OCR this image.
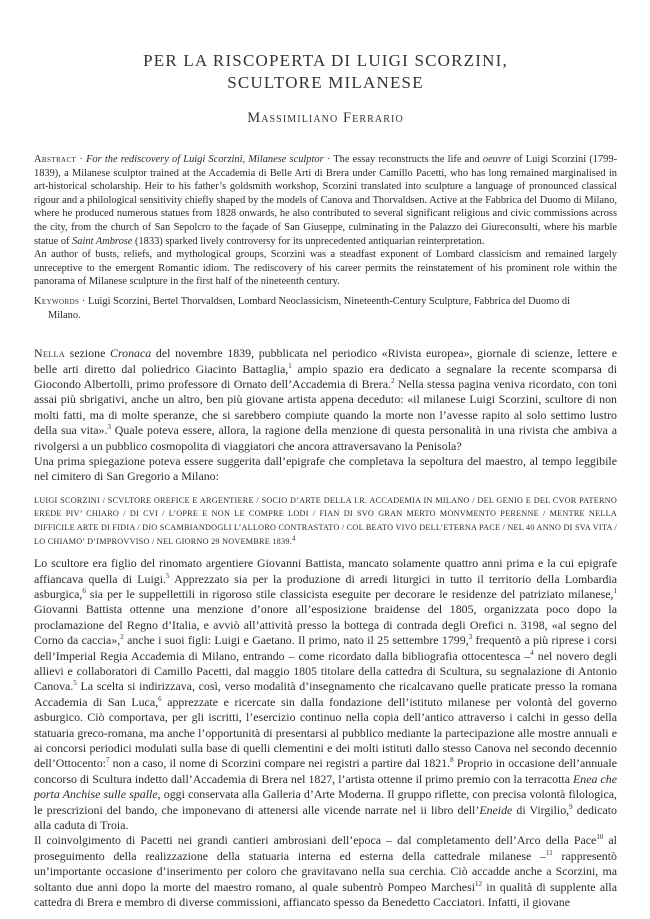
PER LA RISCOPERTA DI LUIGI SCORZINI,
SCULTORE MILANESE
Massimiliano Ferrario

Abstract · For the rediscovery of Luigi Scorzini, Milanese sculptor · The essay reconstructs the life and oeuvre of Luigi Scorzini (1799-1839), a Milanese sculptor trained at the Accademia di Belle Arti di Brera under Camillo Pacetti, who has long remained marginalised in art-historical scholarship. Heir to his father’s goldsmith workshop, Scorzini translated into sculpture a language of pronounced classical rigour and a philological sensitivity chiefly shaped by the models of Canova and Thorvaldsen. Active at the Fabbrica del Duomo di Milano, where he produced numerous statues from 1828 onwards, he also contributed to several significant religious and civic commissions across the city, from the church of San Sepolcro to the façade of San Giuseppe, culminating in the Palazzo dei Giureconsulti, where his marble statue of Saint Ambrose (1833) sparked lively controversy for its unprecedented antiquarian reinterpretation.

An author of busts, reliefs, and mythological groups, Scorzini was a steadfast exponent of Lombard classicism and remained largely unreceptive to the emergent Romantic idiom. The rediscovery of his career permits the reinstatement of his prominent role within the panorama of Milanese sculpture in the first half of the nineteenth century.

Keywords · Luigi Scorzini, Bertel Thorvaldsen, Lombard Neoclassicism, Nineteenth-Century Sculpture, Fabbrica del Duomo di
Milano.

Nella sezione Cronaca del novembre 1839, pubblicata nel periodico «Rivista europea», giornale di scienze, lettere e belle arti diretto dal poliedrico Giacinto Battaglia,$^1$ ampio spazio era dedicato a segnalare la recente scomparsa di Giocondo Albertolli, primo professore di Ornato dell’Accademia di Brera.$^2$ Nella stessa pagina veniva ricordato, con toni assai più sbrigativi, anche un altro, ben più giovane artista appena deceduto: «il milanese Luigi Scorzini, scultore di non molti fatti, ma di molte speranze, che si sarebbero compiute quando la morte non l’avesse rapito al solo settimo lustro della sua vita».$^3$ Quale poteva essere, allora, la ragione della menzione di questa personalità in una rivista che ambiva a rivolgersi a un pubblico cosmopolita di viaggiatori che ancora attraversavano la Penisola?

Una prima spiegazione poteva essere suggerita dall’epigrafe che completava la sepoltura del maestro, al tempo leggibile nel cimitero di San Gregorio a Milano:

LUIGI SCORZINI / SCVLTORE OREFICE E ARGENTIERE / SOCIO D’ARTE DELLA I.R. ACCADEMIA IN MILANO / DEL GENIO E DEL CVOR PATERNO EREDE PIV’ CHIARO / DI CVI / L’OPRE E NON LE COMPRE LODI / FIAN DI SVO GRAN MERTO MONVMENTO PERENNE / MENTRE NELLA DIFFICILE ARTE DI FIDIA / DIO SCAMBIANDOGLI L’ALLORO CONTRASTATO / COL BEATO VIVO DELL’ETERNA PACE / NEL 40 ANNO DI SVA VITA / LO CHIAMO’ D’IMPROVVISO / NEL GIORNO 29 NOVEMBRE 1839.$^4$

Lo scultore era figlio del rinomato argentiere Giovanni Battista, mancato solamente quattro anni prima e la cui epigrafe affiancava quella di Luigi.$^5$ Apprezzato sia per la produzione di arredi liturgici in tutto il territorio della Lombardia asburgica,$^6$ sia per le suppellettili in rigoroso stile classicista eseguite per decorare le residenze del patriziato milanese,$^1$ Giovanni Battista ottenne una menzione d’onore all’esposizione braidense del 1805, organizzata poco dopo la proclamazione del Regno d’Italia, e avviò all’attività presso la bottega di contrada degli Orefici n. 3198, «al segno del Corno da caccia»,$^2$ anche i suoi figli: Luigi e Gaetano. Il primo, nato il 25 settembre 1799,$^3$ frequentò a più riprese i corsi dell’Imperial Regia Accademia di Milano, entrando – come ricordato dalla bibliografia ottocentesca –$^4$ nel novero degli allievi e collaboratori di Camillo Pacetti, dal maggio 1805 titolare della cattedra di Scultura, su segnalazione di Antonio Canova.$^5$ La scelta si indirizzava, così, verso modalità d’insegnamento che ricalcavano quelle praticate presso la romana Accademia di San Luca,$^6$ apprezzate e ricercate sin dalla fondazione dell’istituto milanese per volontà del governo asburgico. Ciò comportava, per gli iscritti, l’esercizio continuo nella copia dell’antico attraverso i calchi in gesso della statuaria greco-romana, ma anche l’opportunità di presentarsi al pubblico mediante la partecipazione alle mostre annuali e ai concorsi periodici modulati sulla base di quelli clementini e dei molti istituti dallo stesso Canova nel secondo decennio dell’Ottocento:$^7$ non a caso, il nome di Scorzini compare nei registri a partire dal 1821.$^8$ Proprio in occasione dell’annuale concorso di Scultura indetto dall’Accademia di Brera nel 1827, l’artista ottenne il primo premio con la terracotta Enea che porta Anchise sulle spalle, oggi conservata alla Galleria d’Arte Moderna. Il gruppo riflette, con precisa volontà filologica, le prescrizioni del bando, che imponevano di attenersi alle vicende narrate nel ii libro dell’Eneide di Virgilio,$^9$ dedicato alla caduta di Troia.

Il coinvolgimento di Pacetti nei grandi cantieri ambrosiani dell’epoca – dal completamento dell’Arco della Pace$^{10}$ al proseguimento della realizzazione della statuaria interna ed esterna della cattedrale milanese –$^{11}$ rappresentò un’importante occasione d’inserimento per coloro che gravitavano nella sua cerchia. Ciò accadde anche a Scorzini, ma soltanto due anni dopo la morte del maestro romano, al quale subentrò Pompeo Marchesi$^{12}$ in qualità di supplente alla cattedra di Brera e membro di diverse commissioni, affiancato spesso da Benedetto Cacciatori. Infatti, il giovane
